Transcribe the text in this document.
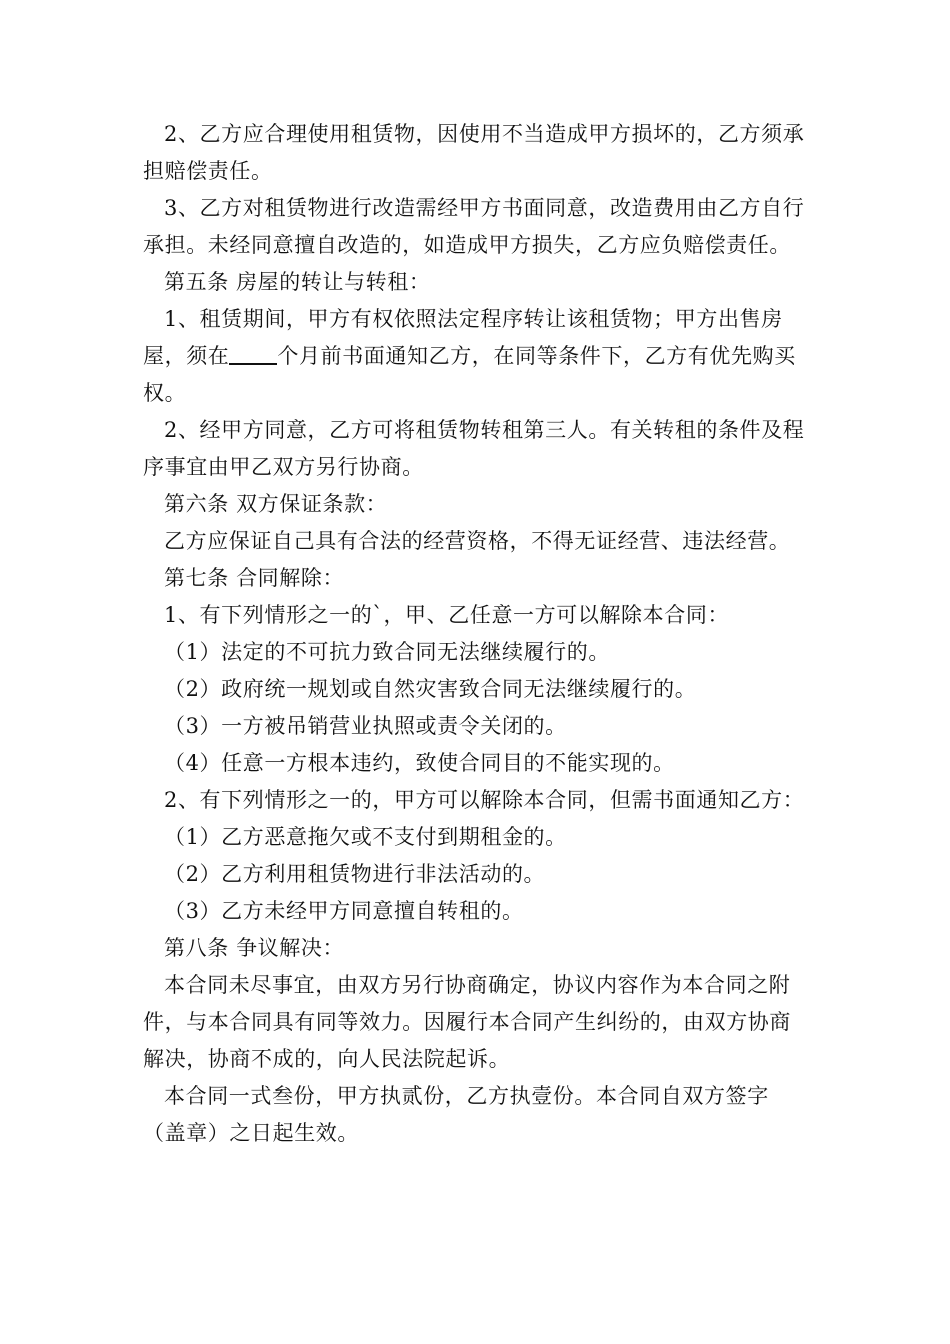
2、乙方应合理使用租赁物，因使用不当造成甲方损坏的，乙方须承担赔偿责任。

3、乙方对租赁物进行改造需经甲方书面同意，改造费用由乙方自行承担。未经同意擅自改造的，如造成甲方损失，乙方应负赔偿责任。

第五条 房屋的转让与转租：

1、租赁期间，甲方有权依照法定程序转让该租赁物；甲方出售房屋，须在 个月前书面通知乙方，在同等条件下，乙方有优先购买权。

2、经甲方同意，乙方可将租赁物转租第三人。有关转租的条件及程序事宜由甲乙双方另行协商。

第六条 双方保证条款：

乙方应保证自己具有合法的经营资格，不得无证经营、违法经营。

第七条 合同解除：

1、有下列情形之一的`，甲、乙任意一方可以解除本合同：

（1）法定的不可抗力致合同无法继续履行的。

（2）政府统一规划或自然灾害致合同无法继续履行的。

（3）一方被吊销营业执照或责令关闭的。

（4）任意一方根本违约，致使合同目的不能实现的。

2、有下列情形之一的，甲方可以解除本合同，但需书面通知乙方：

（1）乙方恶意拖欠或不支付到期租金的。

（2）乙方利用租赁物进行非法活动的。

（3）乙方未经甲方同意擅自转租的。

第八条 争议解决：

本合同未尽事宜，由双方另行协商确定，协议内容作为本合同之附件，与本合同具有同等效力。因履行本合同产生纠纷的，由双方协商解决，协商不成的，向人民法院起诉。

本合同一式叁份，甲方执贰份，乙方执壹份。本合同自双方签字（盖章）之日起生效。
